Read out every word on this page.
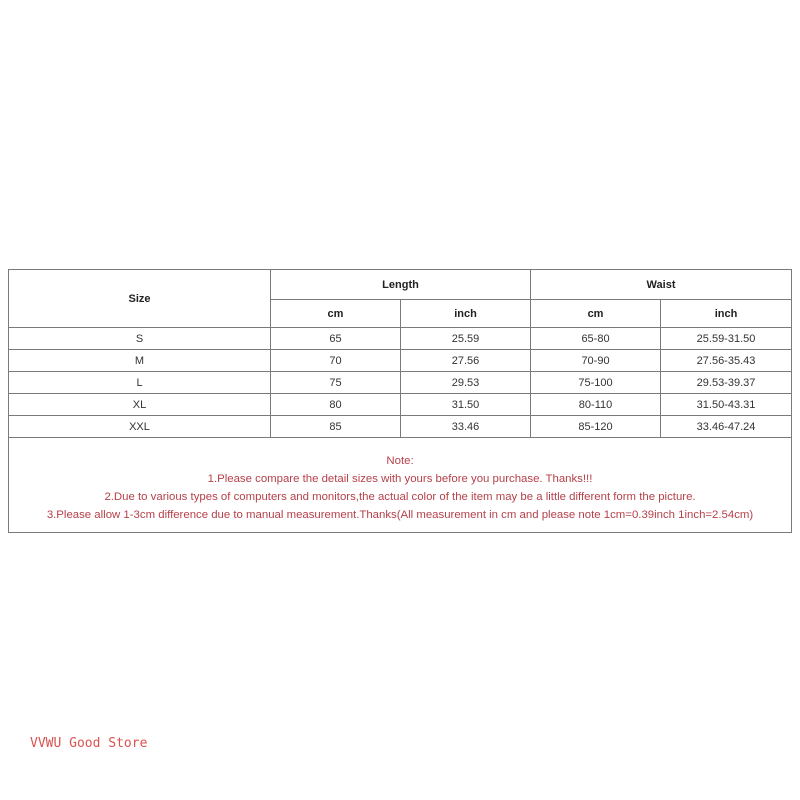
Size	Length		Waist	
	cm	inch	cm	inch
S	65	25.59	65-80	25.59-31.50
M	70	27.56	70-90	27.56-35.43
L	75	29.53	75-100	29.53-39.37
XL	80	31.50	80-110	31.50-43.31
XXL	85	33.46	85-120	33.46-47.24

Note:
1.Please compare the detail sizes with yours before you purchase. Thanks!!!
2.Due to various types of computers and monitors,the actual color of the item may be a little different form the picture.
3.Please allow 1-3cm difference due to manual measurement.Thanks(All measurement in cm and please note 1cm=0.39inch 1inch=2.54cm)				
VVWU Good Store
